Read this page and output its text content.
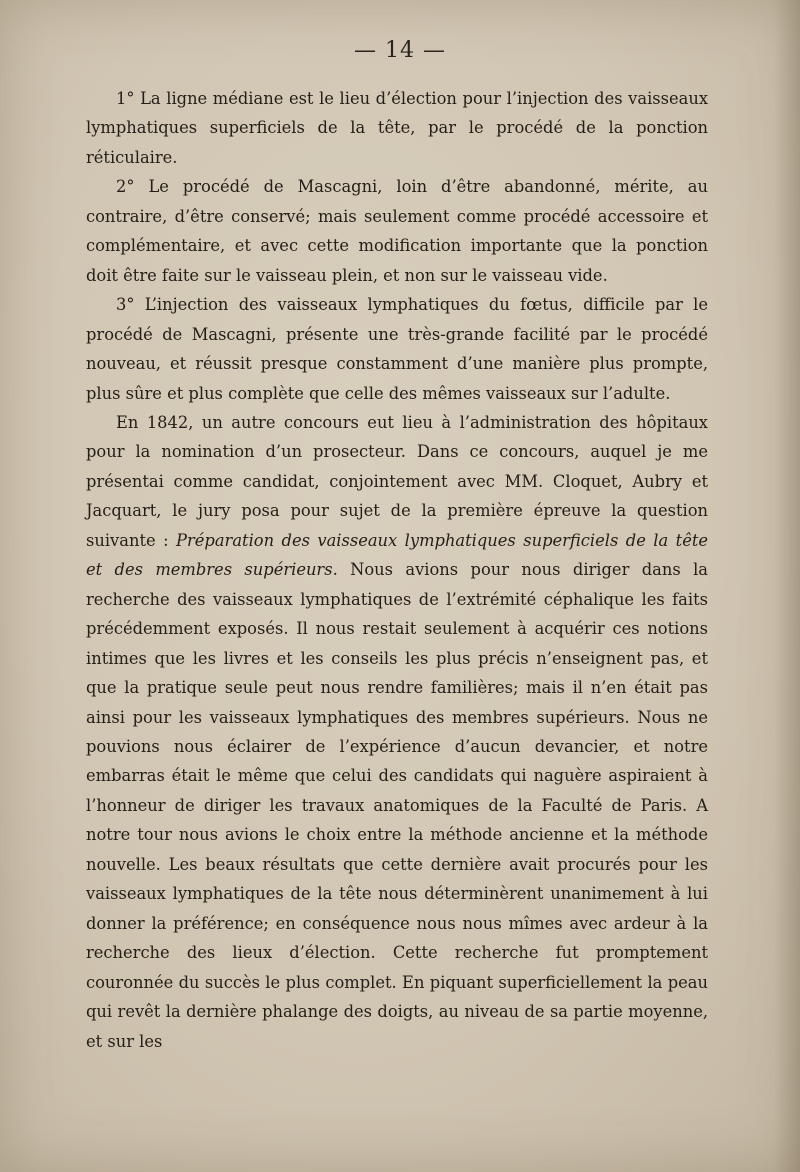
— 14 —

1° La ligne médiane est le lieu d’élection pour l’injection des vaisseaux lymphatiques superficiels de la tête, par le procédé de la ponction réticulaire.

2° Le procédé de Mascagni, loin d’être abandonné, mérite, au contraire, d’être conservé; mais seulement comme procédé accessoire et complémentaire, et avec cette modification importante que la ponction doit être faite sur le vaisseau plein, et non sur le vaisseau vide.

3° L’injection des vaisseaux lymphatiques du fœtus, difficile par le procédé de Mascagni, présente une très-grande facilité par le procédé nouveau, et réussit presque constamment d’une manière plus prompte, plus sûre et plus complète que celle des mêmes vaisseaux sur l’adulte.

En 1842, un autre concours eut lieu à l’administration des hôpitaux pour la nomination d’un prosecteur. Dans ce concours, auquel je me présentai comme candidat, conjointement avec MM. Cloquet, Aubry et Jacquart, le jury posa pour sujet de la première épreuve la question suivante : Préparation des vaisseaux lymphatiques superficiels de la tête et des membres supérieurs. Nous avions pour nous diriger dans la recherche des vaisseaux lymphatiques de l’extrémité céphalique les faits précédemment exposés. Il nous restait seulement à acquérir ces notions intimes que les livres et les conseils les plus précis n’enseignent pas, et que la pratique seule peut nous rendre familières; mais il n’en était pas ainsi pour les vaisseaux lymphatiques des membres supérieurs. Nous ne pouvions nous éclairer de l’expérience d’aucun devancier, et notre embarras était le même que celui des candidats qui naguère aspiraient à l’honneur de diriger les travaux anatomiques de la Faculté de Paris. A notre tour nous avions le choix entre la méthode ancienne et la méthode nouvelle. Les beaux résultats que cette dernière avait procurés pour les vaisseaux lymphatiques de la tête nous déterminèrent unanimement à lui donner la préférence; en conséquence nous nous mîmes avec ardeur à la recherche des lieux d’élection. Cette recherche fut promptement couronnée du succès le plus complet. En piquant superficiellement la peau qui revêt la dernière phalange des doigts, au niveau de sa partie moyenne, et sur les
